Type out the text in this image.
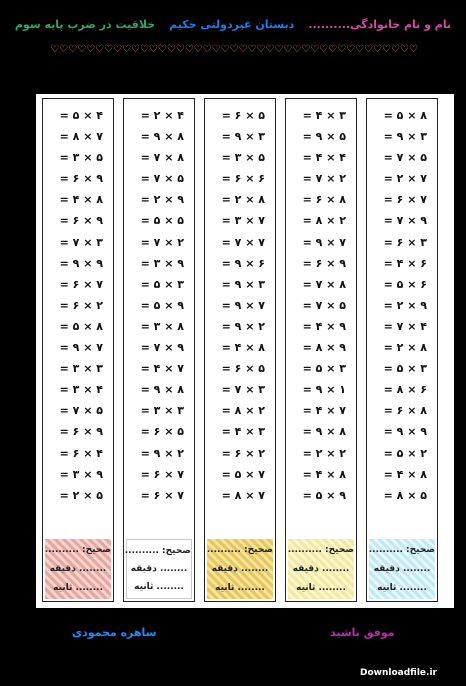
نام و نام خانوادگی..........
دبستان غیردولتی حکیم
خلاقیت در ضرب پایه سوم
♡♡♡♡♡♡♡♡♡♡♡♡♡♡♡♡♡♡♡♡♡♡♡♡♡♡♡♡♡♡♡♡♡♡♡♡♡♡♡♡♡
۸ × ۵ =
۳ × ۹ =
۵ × ۷ =
۷ × ۲ =
۷ × ۶ =
۹ × ۷ =
۳ × ۶ =
۶ × ۴ =
۶ × ۵ =
۹ × ۲ =
۴ × ۷ =
۸ × ۲ =
۳ × ۵ =
۶ × ۸ =
۸ × ۶ =
۹ × ۹ =
۲ × ۵ =
۸ × ۴ =
۵ × ۸ =
صحیح: ..........
........ دقیقه
........ ثانیه
۳ × ۴ =
۵ × ۹ =
۴ × ۴ =
۲ × ۷ =
۸ × ۶ =
۲ × ۸ =
۷ × ۹ =
۹ × ۶ =
۸ × ۷ =
۵ × ۷ =
۹ × ۴ =
۹ × ۸ =
۳ × ۵ =
۱ × ۹ =
۷ × ۴ =
۸ × ۹ =
۲ × ۲ =
۸ × ۴ =
۹ × ۵ =
صحیح: ..........
........ دقیقه
........ ثانیه
۵ × ۶ =
۳ × ۹ =
۵ × ۳ =
۶ × ۶ =
۸ × ۲ =
۷ × ۳ =
۷ × ۷ =
۶ × ۹ =
۳ × ۹ =
۷ × ۹ =
۲ × ۹ =
۸ × ۴ =
۵ × ۶ =
۳ × ۷ =
۲ × ۸ =
۳ × ۴ =
۲ × ۶ =
۷ × ۵ =
۷ × ۸ =
صحیح: ..........
........ دقیقه
........ ثانیه
۴ × ۲ =
۸ × ۹ =
۸ × ۷ =
۵ × ۷ =
۹ × ۲ =
۵ × ۵ =
۲ × ۷ =
۹ × ۳ =
۳ × ۵ =
۹ × ۵ =
۸ × ۳ =
۹ × ۷ =
۷ × ۴ =
۸ × ۹ =
۳ × ۳ =
۵ × ۶ =
۲ × ۹ =
۷ × ۶ =
۷ × ۶ =
صحیح: ..........
........ دقیقه
........ ثانیه
۴ × ۵ =
۷ × ۸ =
۵ × ۳ =
۹ × ۶ =
۸ × ۴ =
۹ × ۶ =
۳ × ۷ =
۹ × ۹ =
۷ × ۶ =
۲ × ۶ =
۸ × ۵ =
۷ × ۹ =
۳ × ۳ =
۴ × ۳ =
۵ × ۷ =
۹ × ۶ =
۴ × ۶ =
۹ × ۳ =
۵ × ۲ =
صحیح: ..........
........ دقیقه
........ ثانیه
ساهره محمودی	موفق باشید
Downloadfile.ir
